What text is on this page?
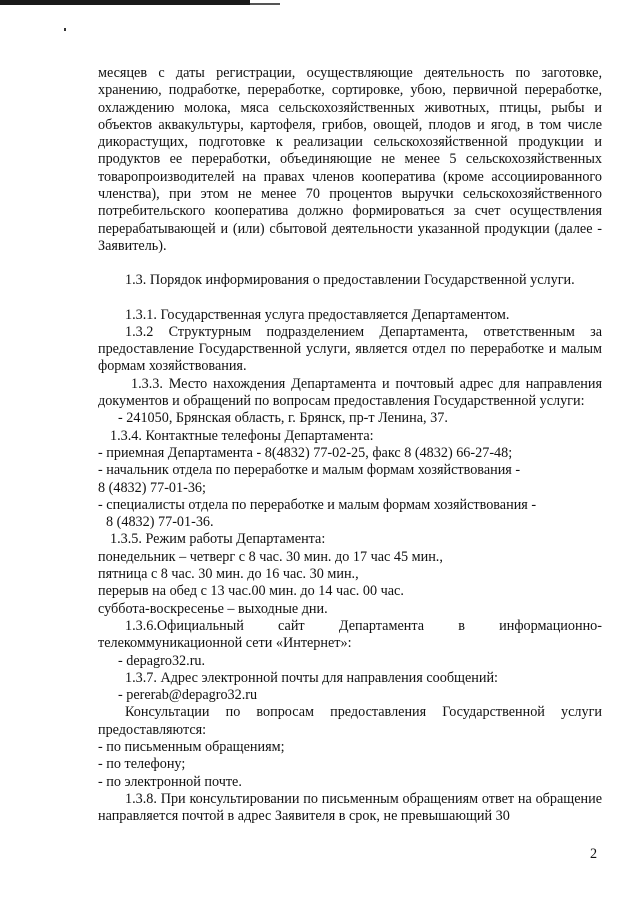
месяцев с даты регистрации, осуществляющие деятельность по заготовке, хранению, подработке, переработке, сортировке, убою, первичной переработке, охлаждению молока, мяса сельскохозяйственных животных, птицы, рыбы и объектов аквакультуры, картофеля, грибов, овощей, плодов и ягод, в том числе дикорастущих, подготовке к реализации сельскохозяйственной продукции и продуктов ее переработки, объединяющие не менее 5 сельскохозяйственных товаропроизводителей на правах членов кооператива (кроме ассоциированного членства), при этом не менее 70 процентов выручки сельскохозяйственного потребительского кооператива должно формироваться за счет осуществления перерабатывающей и (или) сбытовой деятельности указанной продукции (далее - Заявитель).

1.3. Порядок информирования о предоставлении Государственной услуги.

1.3.1. Государственная услуга предоставляется Департаментом.

1.3.2 Структурным подразделением Департамента, ответственным за предоставление Государственной услуги, является отдел по переработке и малым формам хозяйствования.

1.3.3. Место нахождения Департамента и почтовый адрес для направления документов и обращений по вопросам предоставления Государственной услуги:

- 241050, Брянская область, г. Брянск, пр-т Ленина, 37.

1.3.4. Контактные телефоны Департамента:

- приемная Департамента - 8(4832) 77-02-25, факс 8 (4832) 66-27-48;

- начальник отдела по переработке и малым формам хозяйствования -

8 (4832) 77-01-36;

- специалисты отдела по переработке и малым формам хозяйствования -

8 (4832) 77-01-36.

1.3.5. Режим работы Департамента:

понедельник – четверг с 8 час. 30 мин. до 17 час 45 мин.,

пятница с 8 час. 30 мин. до 16 час. 30 мин.,

перерыв на обед с 13 час.00 мин. до 14 час. 00 час.

суббота-воскресенье – выходные дни.

1.3.6.Официальный сайт Департамента в информационно-телекоммуникационной сети «Интернет»:

- depagro32.ru.

1.3.7. Адрес электронной почты для направления сообщений:

- pererab@depagro32.ru

Консультации по вопросам предоставления Государственной услуги предоставляются:

- по письменным обращениям;

- по телефону;

- по электронной почте.

1.3.8. При консультировании по письменным обращениям ответ на обращение направляется почтой в адрес Заявителя в срок, не превышающий 30

2
